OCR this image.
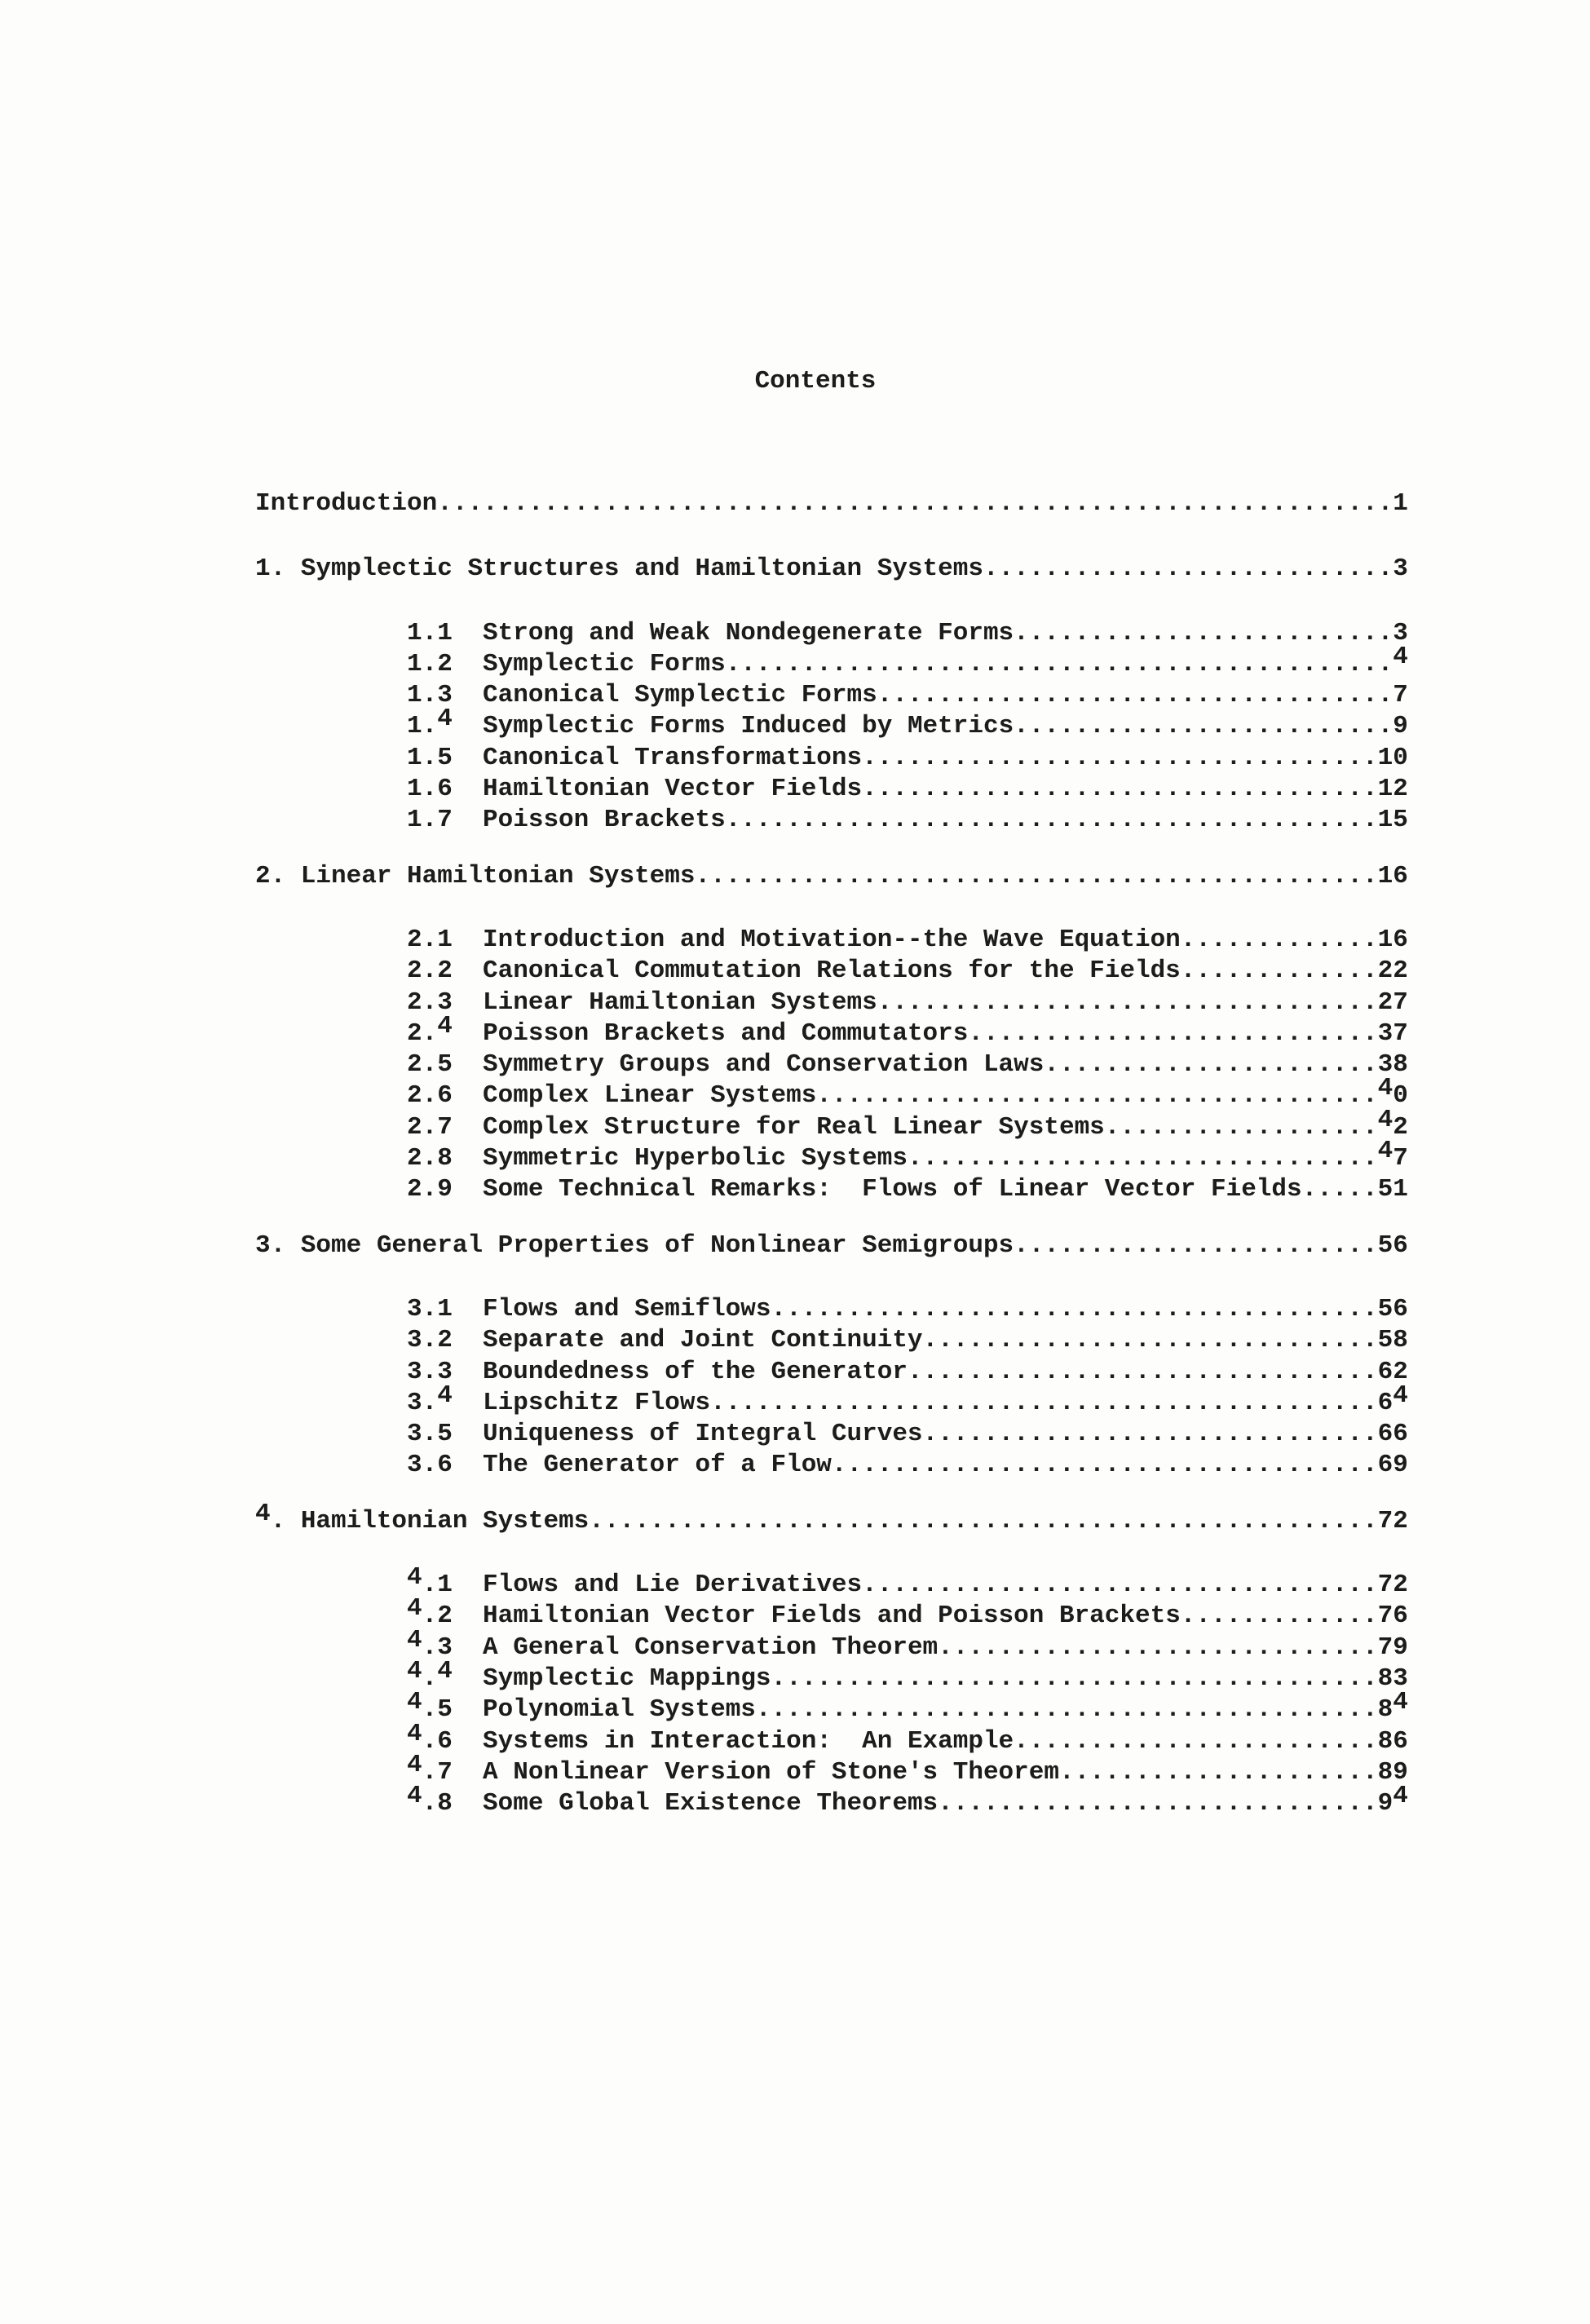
Contents
Introduction...............................................................1
1. Symplectic Structures and Hamiltonian Systems...........................3
1.1  Strong and Weak Nondegenerate Forms.........................3
1.2  Symplectic Forms............................................4
1.3  Canonical Symplectic Forms..................................7
1.4  Symplectic Forms Induced by Metrics.........................9
1.5  Canonical Transformations..................................10
1.6  Hamiltonian Vector Fields..................................12
1.7  Poisson Brackets...........................................15
2. Linear Hamiltonian Systems.............................................16
2.1  Introduction and Motivation--the Wave Equation.............16
2.2  Canonical Commutation Relations for the Fields.............22
2.3  Linear Hamiltonian Systems.................................27
2.4  Poisson Brackets and Commutators...........................37
2.5  Symmetry Groups and Conservation Laws......................38
2.6  Complex Linear Systems.....................................40
2.7  Complex Structure for Real Linear Systems..................42
2.8  Symmetric Hyperbolic Systems...............................47
2.9  Some Technical Remarks:  Flows of Linear Vector Fields.....51
3. Some General Properties of Nonlinear Semigroups........................56
3.1  Flows and Semiflows........................................56
3.2  Separate and Joint Continuity..............................58
3.3  Boundedness of the Generator...............................62
3.4  Lipschitz Flows............................................64
3.5  Uniqueness of Integral Curves..............................66
3.6  The Generator of a Flow....................................69
4. Hamiltonian Systems....................................................72
4.1  Flows and Lie Derivatives..................................72
4.2  Hamiltonian Vector Fields and Poisson Brackets.............76
4.3  A General Conservation Theorem.............................79
4.4  Symplectic Mappings........................................83
4.5  Polynomial Systems.........................................84
4.6  Systems in Interaction:  An Example........................86
4.7  A Nonlinear Version of Stone's Theorem.....................89
4.8  Some Global Existence Theorems.............................94
